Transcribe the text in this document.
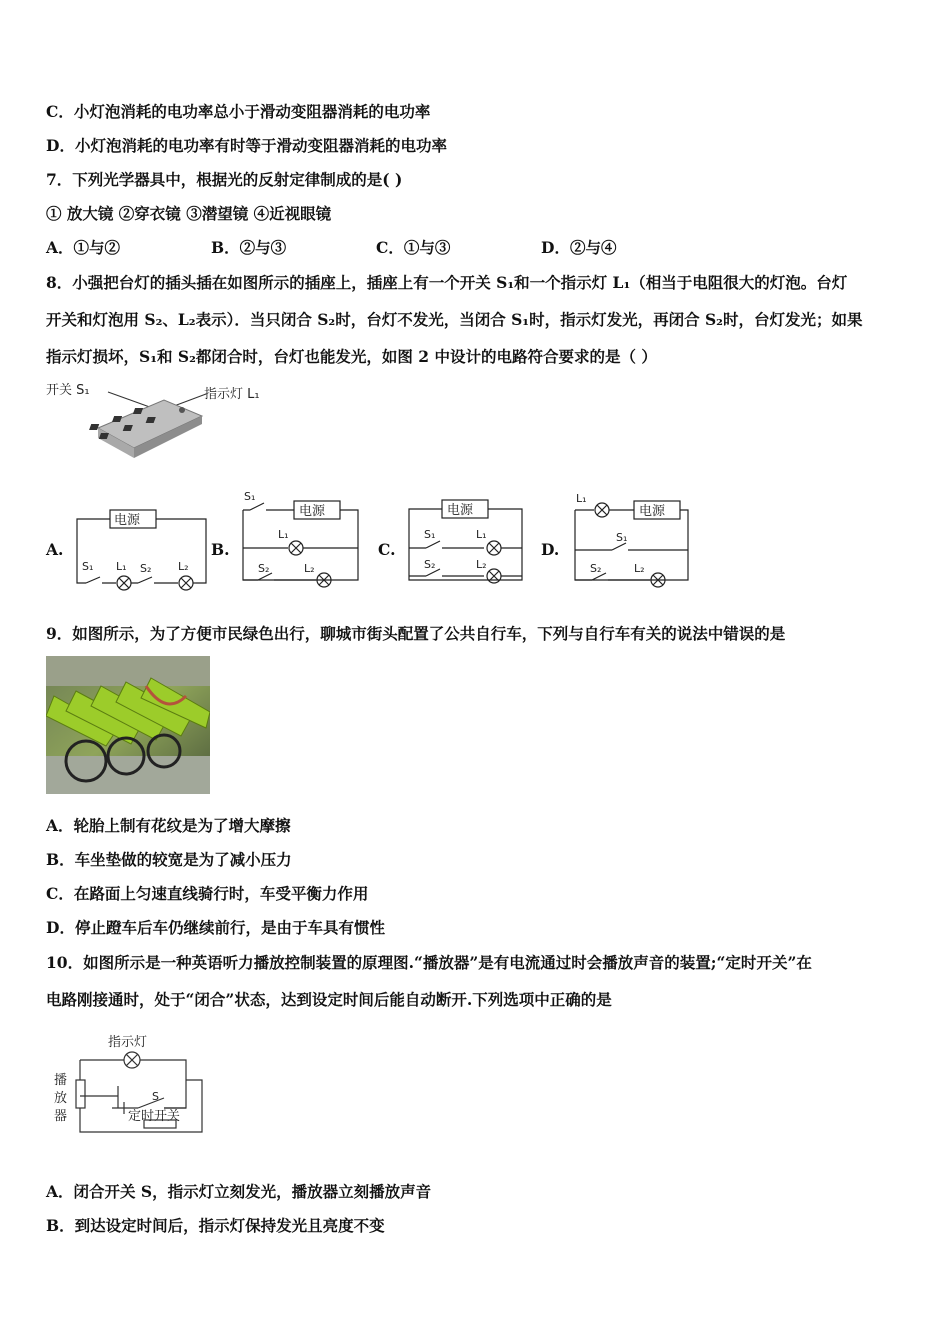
C．小灯泡消耗的电功率总小于滑动变阻器消耗的电功率
D．小灯泡消耗的电功率有时等于滑动变阻器消耗的电功率
7．下列光学器具中，根据光的反射定律制成的是( )
① 放大镜 ②穿衣镜 ③潜望镜 ④近视眼镜
A．①与②	B．②与③	C．①与③	D．②与④
8．小强把台灯的插头插在如图所示的插座上，插座上有一个开关 S₁和一个指示灯 L₁（相当于电阻很大的灯泡。台灯
开关和灯泡用 S₂、L₂表示）．当只闭合 S₂时，台灯不发光，当闭合 S₁时，指示灯发光，再闭合 S₂时，台灯发光；如果
指示灯损坏，S₁和 S₂都闭合时，台灯也能发光，如图 2 中设计的电路符合要求的是（ ）
开关 S₁	指示灯 L₁
A.	B.	C.	D.
电源
S₁ L₁ S₂ L₂
S₁
电源
L₁
S₂	L₂
电源
S₁	L₁
S₂	L₂
L₁
电源
S₁
S₂	L₂
9．如图所示，为了方便市民绿色出行，聊城市街头配置了公共自行车，下列与自行车有关的说法中错误的是
A．轮胎上制有花纹是为了增大摩擦
B．车坐垫做的较宽是为了减小压力
C．在路面上匀速直线骑行时，车受平衡力作用
D．停止蹬车后车仍继续前行，是由于车具有惯性
10．如图所示是一种英语听力播放控制装置的原理图.“播放器”是有电流通过时会播放声音的装置;“定时开关”在
电路刚接通时，处于“闭合”状态，达到设定时间后能自动断开.下列选项中正确的是
指示灯
播
放
器
S
定时开关
A．闭合开关 S，指示灯立刻发光，播放器立刻播放声音
B．到达设定时间后，指示灯保持发光且亮度不变
